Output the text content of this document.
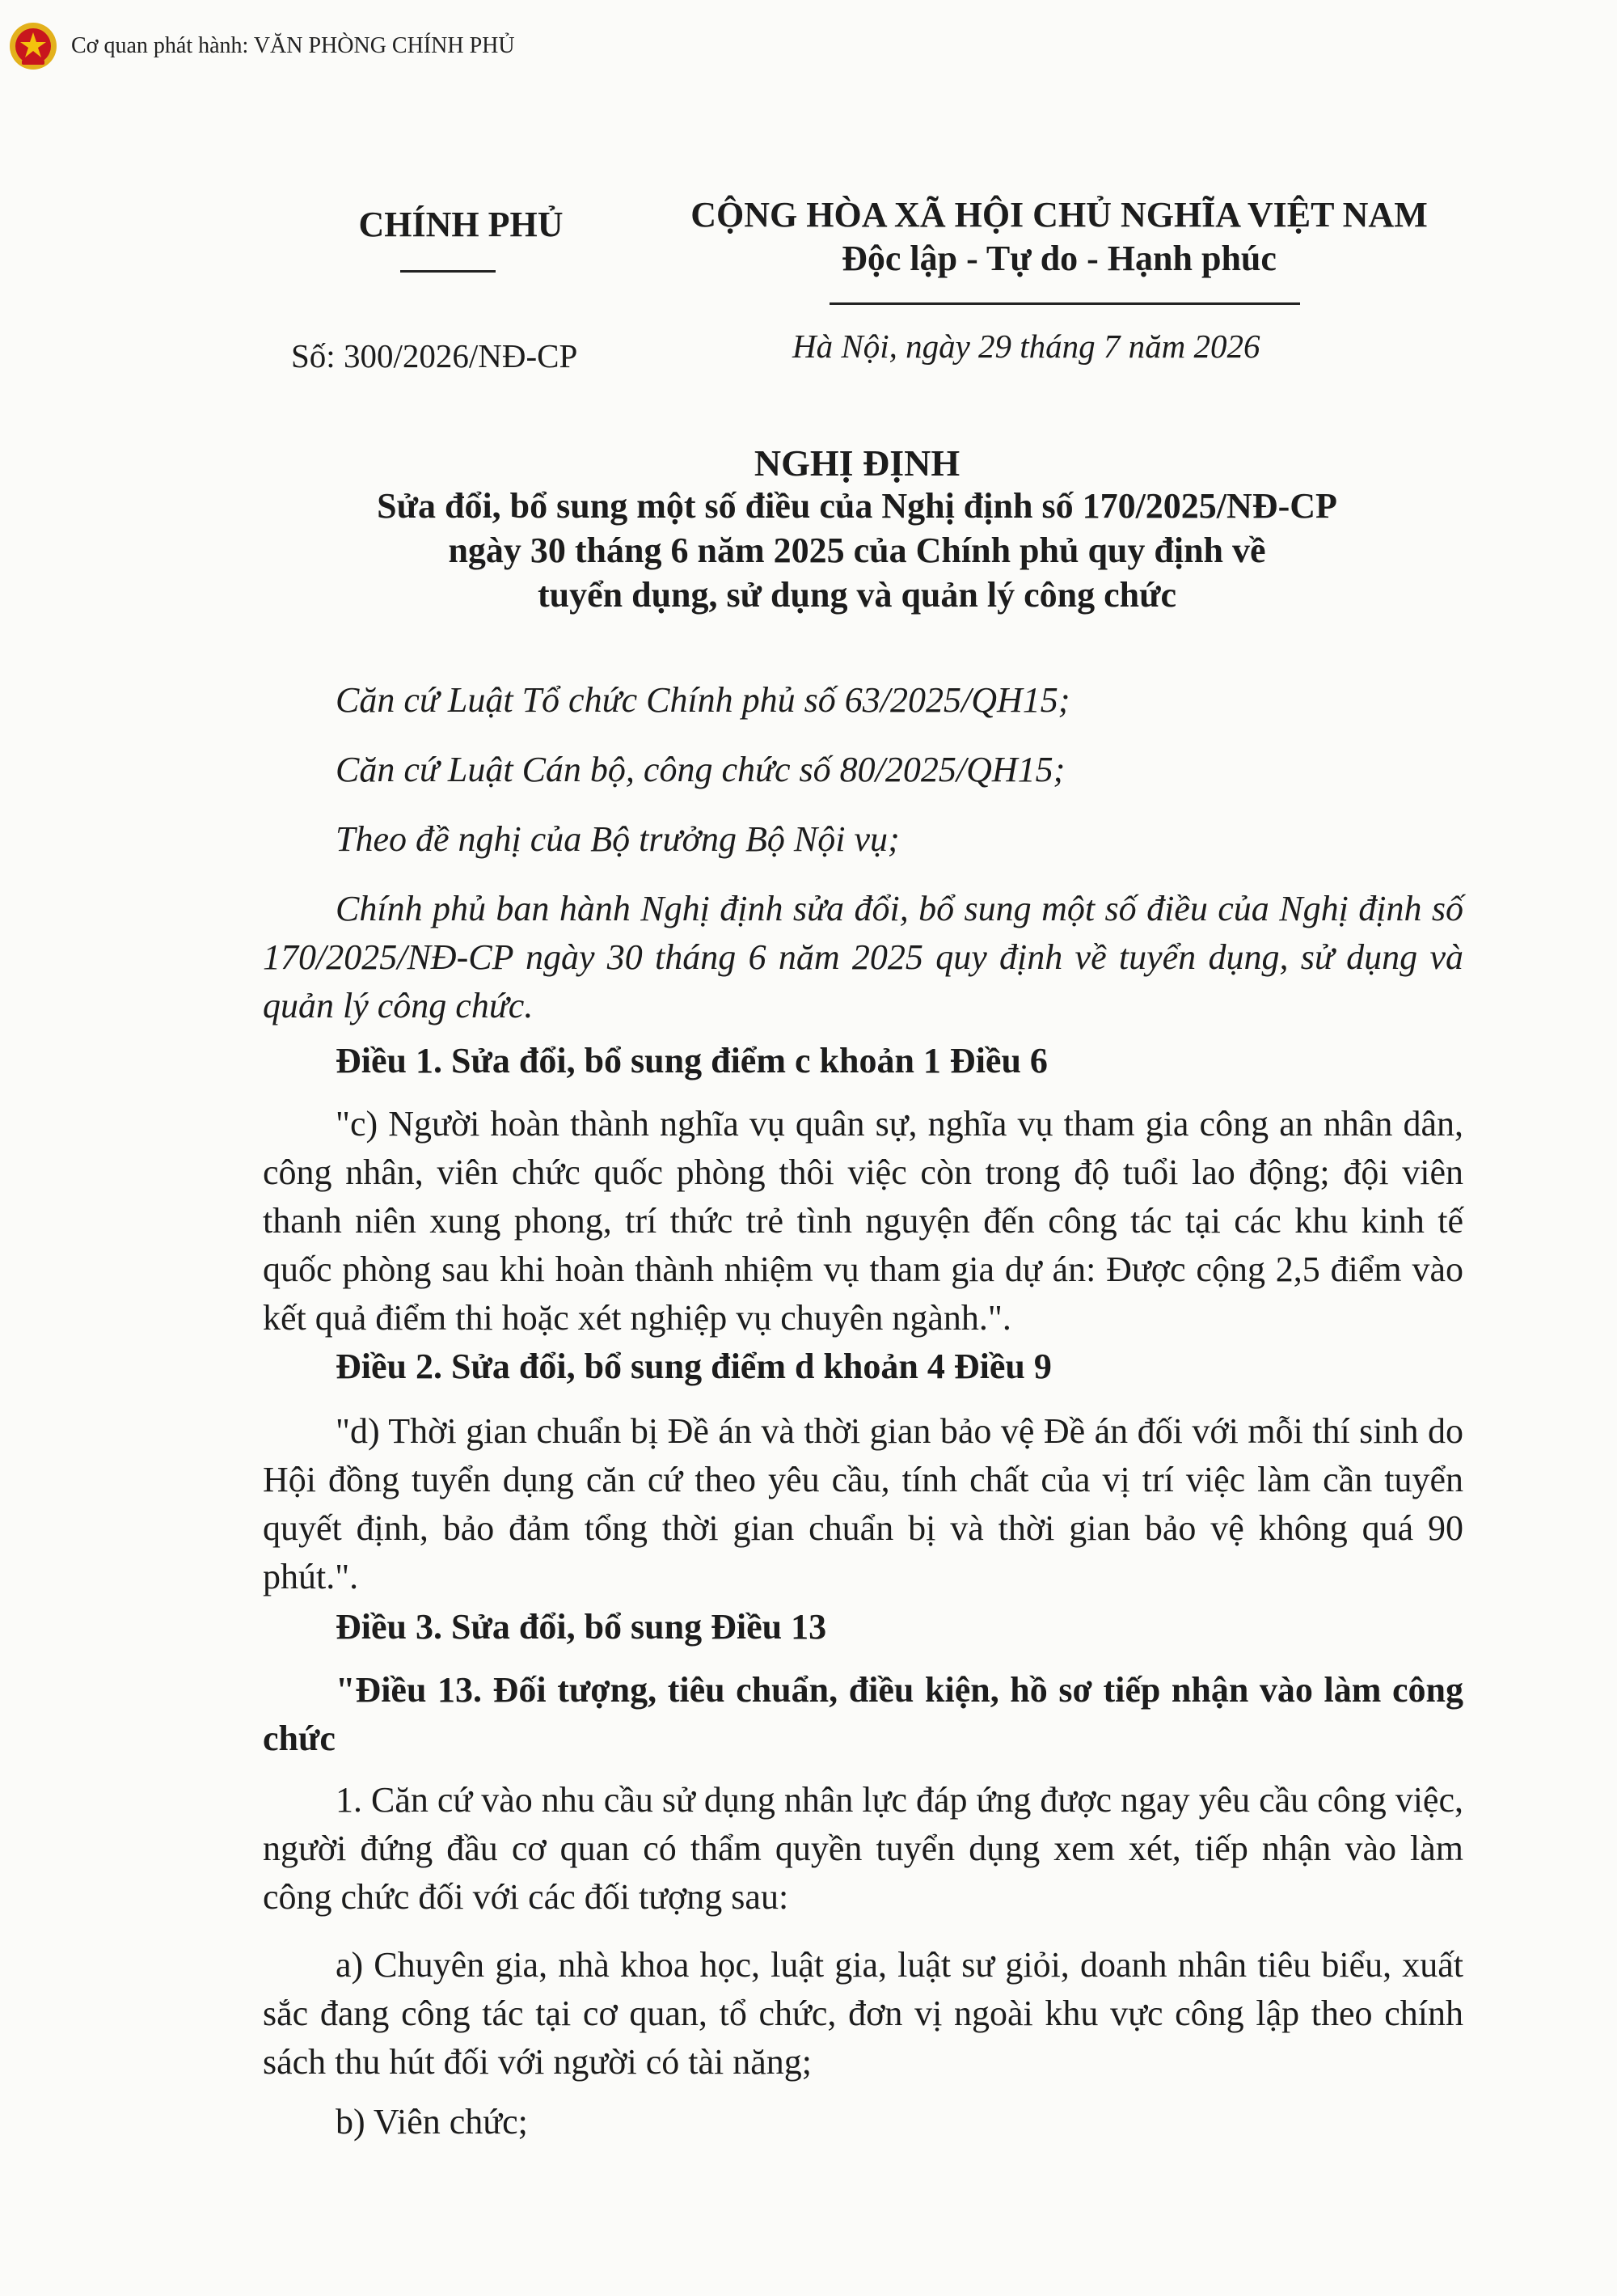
Cơ quan phát hành: VĂN PHÒNG CHÍNH PHỦ
CHÍNH PHỦ	CỘNG HÒA XÃ HỘI CHỦ NGHĨA VIỆT NAM
Độc lập - Tự do - Hạnh phúc
Số: 300/2026/NĐ-CP	Hà Nội, ngày 29 tháng 7 năm 2026
NGHỊ ĐỊNH
Sửa đổi, bổ sung một số điều của Nghị định số 170/2025/NĐ-CP
ngày 30 tháng 6 năm 2025 của Chính phủ quy định về
tuyển dụng, sử dụng và quản lý công chức
Căn cứ Luật Tổ chức Chính phủ số 63/2025/QH15;
Căn cứ Luật Cán bộ, công chức số 80/2025/QH15;
Theo đề nghị của Bộ trưởng Bộ Nội vụ;
Chính phủ ban hành Nghị định sửa đổi, bổ sung một số điều của Nghị định số 170/2025/NĐ-CP ngày 30 tháng 6 năm 2025 quy định về tuyển dụng, sử dụng và quản lý công chức.
Điều 1. Sửa đổi, bổ sung điểm c khoản 1 Điều 6
"c) Người hoàn thành nghĩa vụ quân sự, nghĩa vụ tham gia công an nhân dân, công nhân, viên chức quốc phòng thôi việc còn trong độ tuổi lao động; đội viên thanh niên xung phong, trí thức trẻ tình nguyện đến công tác tại các khu kinh tế quốc phòng sau khi hoàn thành nhiệm vụ tham gia dự án: Được cộng 2,5 điểm vào kết quả điểm thi hoặc xét nghiệp vụ chuyên ngành.".
Điều 2. Sửa đổi, bổ sung điểm d khoản 4 Điều 9
"d) Thời gian chuẩn bị Đề án và thời gian bảo vệ Đề án đối với mỗi thí sinh do Hội đồng tuyển dụng căn cứ theo yêu cầu, tính chất của vị trí việc làm cần tuyển quyết định, bảo đảm tổng thời gian chuẩn bị và thời gian bảo vệ không quá 90 phút.".
Điều 3. Sửa đổi, bổ sung Điều 13
"Điều 13. Đối tượng, tiêu chuẩn, điều kiện, hồ sơ tiếp nhận vào làm công chức
1. Căn cứ vào nhu cầu sử dụng nhân lực đáp ứng được ngay yêu cầu công việc, người đứng đầu cơ quan có thẩm quyền tuyển dụng xem xét, tiếp nhận vào làm công chức đối với các đối tượng sau:
a) Chuyên gia, nhà khoa học, luật gia, luật sư giỏi, doanh nhân tiêu biểu, xuất sắc đang công tác tại cơ quan, tổ chức, đơn vị ngoài khu vực công lập theo chính sách thu hút đối với người có tài năng;
b) Viên chức;
